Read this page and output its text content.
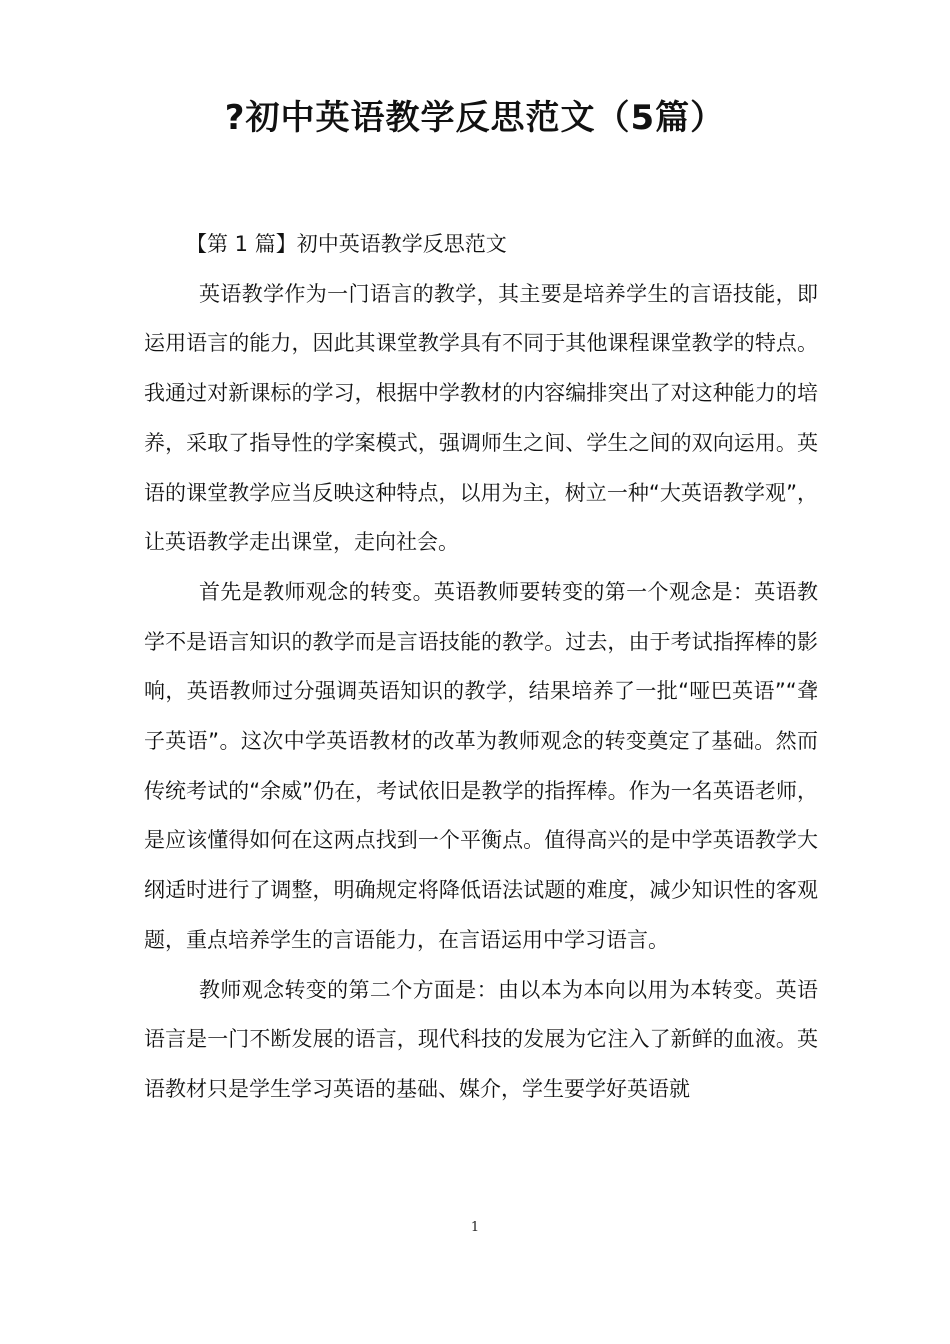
?初中英语教学反思范文（5篇）

【第 1 篇】初中英语教学反思范文

英语教学作为一门语言的教学，其主要是培养学生的言语技能，即运用语言的能力，因此其课堂教学具有不同于其他课程课堂教学的特点。我通过对新课标的学习，根据中学教材的内容编排突出了对这种能力的培养，采取了指导性的学案模式，强调师生之间、学生之间的双向运用。英语的课堂教学应当反映这种特点，以用为主，树立一种“大英语教学观”，让英语教学走出课堂，走向社会。

首先是教师观念的转变。英语教师要转变的第一个观念是：英语教学不是语言知识的教学而是言语技能的教学。过去，由于考试指挥棒的影响，英语教师过分强调英语知识的教学，结果培养了一批“哑巴英语”“聋子英语”。这次中学英语教材的改革为教师观念的转变奠定了基础。然而传统考试的“余威”仍在，考试依旧是教学的指挥棒。作为一名英语老师，是应该懂得如何在这两点找到一个平衡点。值得高兴的是中学英语教学大纲适时进行了调整，明确规定将降低语法试题的难度，减少知识性的客观题，重点培养学生的言语能力，在言语运用中学习语言。

教师观念转变的第二个方面是：由以本为本向以用为本转变。英语语言是一门不断发展的语言，现代科技的发展为它注入了新鲜的血液。英语教材只是学生学习英语的基础、媒介，学生要学好英语就

1
